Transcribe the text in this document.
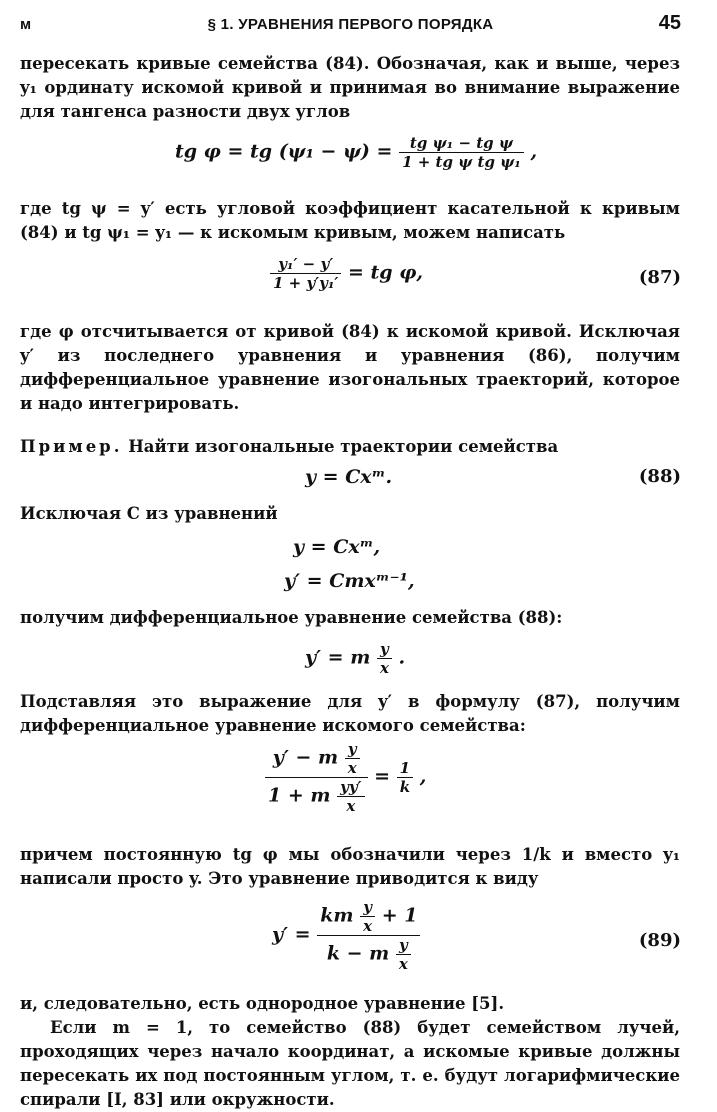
м	§ 1. УРАВНЕНИЯ ПЕРВОГО ПОРЯДКА	45
пересекать кривые семейства (84). Обозначая, как и выше, через y₁ ординату искомой кривой и принимая во внимание выражение для тангенса разности двух углов
tg φ = tg $(\psi_1 - \psi) = \frac{\text{tg ψ₁ − tg ψ}}{\text{1 + tg ψ tg ψ₁}}$ ,
где tg ψ = y′ есть угловой коэффициент касательной к кривым (84) и tg ψ₁ = y₁ — к искомым кривым, можем написать
$\frac{\text{y₁′ − y′}}{\text{1 + y′y₁′}}$ = tg φ,	(87)
где φ отсчитывается от кривой (84) к искомой кривой. Исключая y′ из последнего уравнения и уравнения (86), получим дифференциальное уравнение изогональных траекторий, которое и надо интегрировать.
Пример. Найти изогональные траектории семейства
y = Cxᵐ.	(88)
Исключая C из уравнений
y = Cxᵐ,
y′ = Cmxᵐ⁻¹,
получим дифференциальное уравнение семейства (88):
y′ = m $\frac{y}{x}$ .
Подставляя это выражение для y′ в формулу (87), получим дифференциальное уравнение искомого семейства:
$\frac{y' - m \frac{y}{x}}{1 + m \frac{yy'}{x}} = \frac{1}{k}$ ,
причем постоянную tg φ мы обозначили через 1/k и вместо y₁ написали просто y. Это уравнение приводится к виду
y′ =
km $\frac{y}{x} + 1$
k − m $\frac{y}{x}$	(89)
и, следовательно, есть однородное уравнение [5].
Если m = 1, то семейство (88) будет семейством лучей, проходящих через начало координат, а искомые кривые должны пересекать их под постоянным углом, т. е. будут логарифмические спирали [I, 83] или окружности.
